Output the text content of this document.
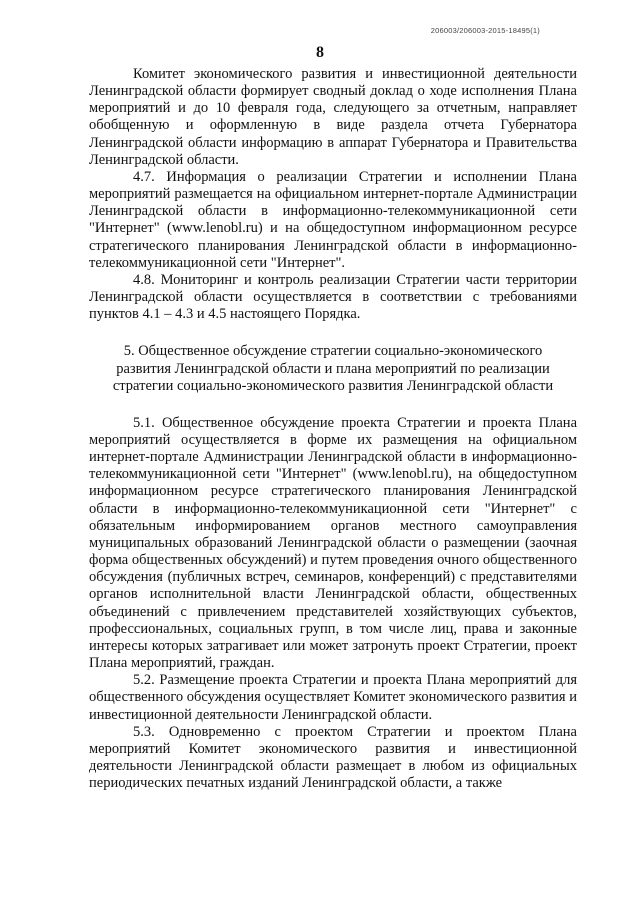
206003/206003-2015-18495(1)
8

Комитет экономического развития и инвестиционной деятельности Ленинградской области формирует сводный доклад о ходе исполнения Плана мероприятий и до 10 февраля года, следующего за отчетным, направляет обобщенную и оформленную в виде раздела отчета Губернатора Ленинградской области информацию в аппарат Губернатора и Правительства Ленинградской области.

4.7. Информация о реализации Стратегии и исполнении Плана мероприятий размещается на официальном интернет-портале Администрации Ленинградской области в информационно-телекоммуникационной сети "Интернет" (www.lenobl.ru) и на общедоступном информационном ресурсе стратегического планирования Ленинградской области в информационно-телекоммуникационной сети "Интернет".

4.8. Мониторинг и контроль реализации Стратегии части территории Ленинградской области осуществляется в соответствии с требованиями пунктов 4.1 – 4.3 и 4.5 настоящего Порядка.

5. Общественное обсуждение стратегии социально-экономического
развития Ленинградской области и плана мероприятий по реализации
стратегии социально-экономического развития Ленинградской области

5.1. Общественное обсуждение проекта Стратегии и проекта Плана мероприятий осуществляется в форме их размещения на официальном интернет-портале Администрации Ленинградской области в информационно-телекоммуникационной сети "Интернет" (www.lenobl.ru), на общедоступном информационном ресурсе стратегического планирования Ленинградской области в информационно-телекоммуникационной сети "Интернет" с обязательным информированием органов местного самоуправления муниципальных образований Ленинградской области о размещении (заочная форма общественных обсуждений) и путем проведения очного общественного обсуждения (публичных встреч, семинаров, конференций) с представителями органов исполнительной власти Ленинградской области, общественных объединений с привлечением представителей хозяйствующих субъектов, профессиональных, социальных групп, в том числе лиц, права и законные интересы которых затрагивает или может затронуть проект Стратегии, проект Плана мероприятий, граждан.

5.2. Размещение проекта Стратегии и проекта Плана мероприятий для общественного обсуждения осуществляет Комитет экономического развития и инвестиционной деятельности Ленинградской области.

5.3. Одновременно с проектом Стратегии и проектом Плана мероприятий Комитет экономического развития и инвестиционной деятельности Ленинградской области размещает в любом из официальных периодических печатных изданий Ленинградской области, а также
